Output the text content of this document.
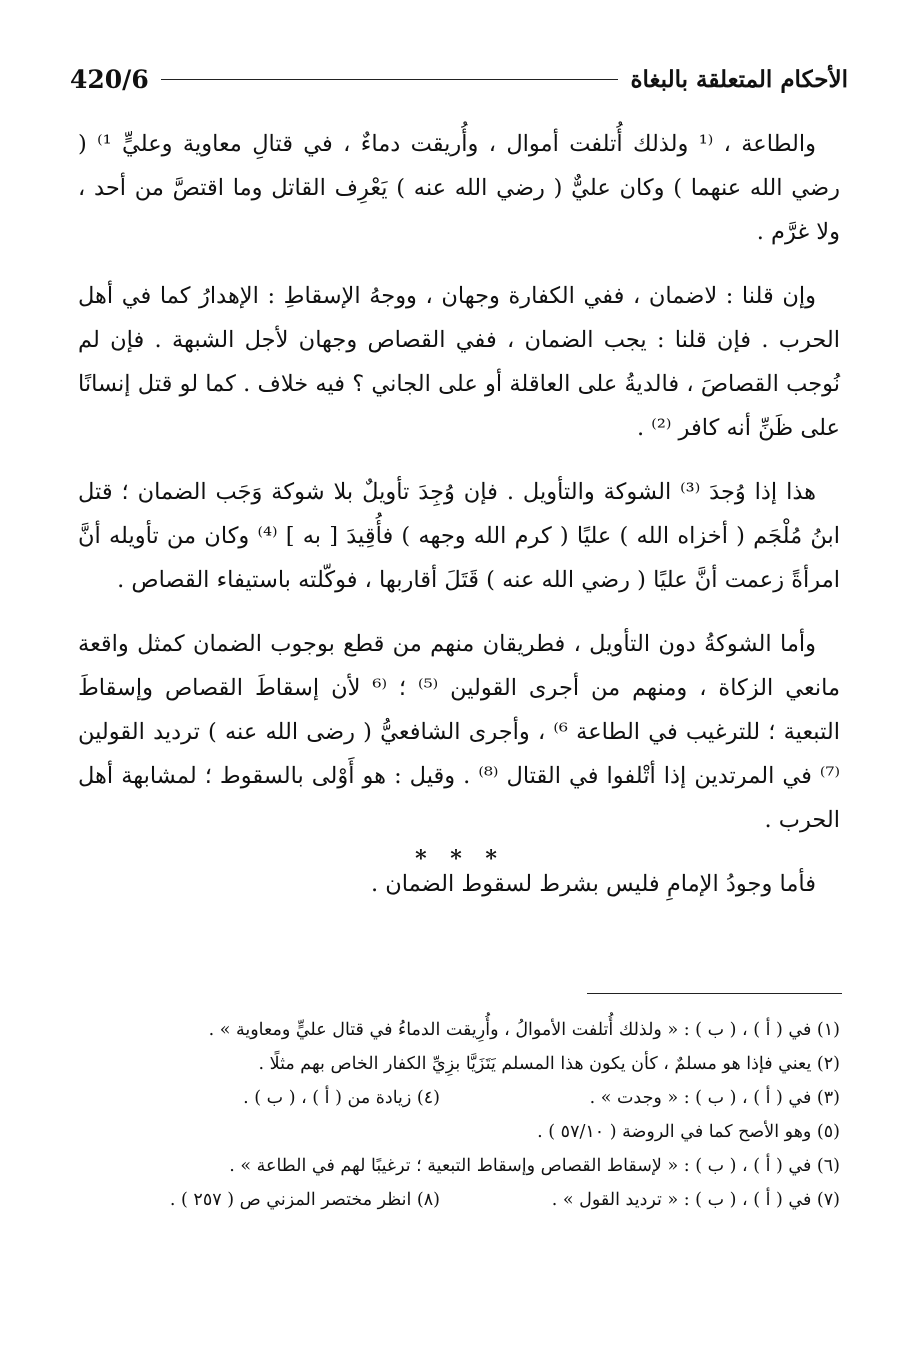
420/6	الأحكام المتعلقة بالبغاة

والطاعة ، ⁽¹ ولذلك أُتلفت أموال ، وأُريقت دماءٌ ، في قتالِ معاوية وعليٍّ ¹⁾ ( رضي الله عنهما ) وكان عليٌّ ( رضي الله عنه ) يَعْرِف القاتل وما اقتصَّ من أحد ، ولا غرَّم .

وإن قلنا : لاضمان ، ففي الكفارة وجهان ، ووجهُ الإسقاطِ : الإهدارُ كما في أهل الحرب . فإن قلنا : يجب الضمان ، ففي القصاص وجهان لأجل الشبهة . فإن لم نُوجب القصاصَ ، فالديةُ على العاقلة أو على الجاني ؟ فيه خلاف . كما لو قتل إنسانًا على ظَنِّ أنه كافر ⁽²⁾ .

هذا إذا وُجدَ ⁽³⁾ الشوكة والتأويل . فإن وُجِدَ تأويلٌ بلا شوكة وَجَب الضمان ؛ قتل ابنُ مُلْجَم ( أخزاه الله ) عليًا ( كرم الله وجهه ) فأُقِيدَ [ به ] ⁽⁴⁾ وكان من تأويله أنَّ امرأةً زعمت أنَّ عليًا ( رضي الله عنه ) قَتَلَ أقاربها ، فوكّلته باستيفاء القصاص .

وأما الشوكةُ دون التأويل ، فطريقان منهم من قطع بوجوب الضمان كمثل واقعة مانعي الزكاة ، ومنهم من أجرى القولين ⁽⁵⁾ ؛ ⁽⁶ لأن إسقاطَ القصاص وإسقاطَ التبعية ؛ للترغيب في الطاعة ⁶⁾ ، وأجرى الشافعيُّ ( رضى الله عنه ) ترديد القولين ⁽⁷⁾ في المرتدين إذا أتْلفوا في القتال ⁽⁸⁾ . وقيل : هو أَوْلى بالسقوط ؛ لمشابهة أهل الحرب .

فأما وجودُ الإمامِ فليس بشرط لسقوط الضمان .

* * *
(١) في ( أ ) ، ( ب ) : « ولذلك أُتلفت الأموالُ ، وأُرِيقت الدماءُ في قتال عليٍّ ومعاوية » .
(٢) يعني فإذا هو مسلمٌ ، كأن يكون هذا المسلم يَتَزَيَّا بزِيِّ الكفار الخاص بهم مثلًا .
(٣) في ( أ ) ، ( ب ) : « وجدت » .
(٤) زيادة من ( أ ) ، ( ب ) .
(٥) وهو الأصح كما في الروضة ( ٥٧/١٠ ) .
(٦) في ( أ ) ، ( ب ) : « لإسقاط القصاص وإسقاط التبعية ؛ ترغيبًا لهم في الطاعة » .
(٧) في ( أ ) ، ( ب ) : « ترديد القول » .
(٨) انظر مختصر المزني ص ( ٢٥٧ ) .
